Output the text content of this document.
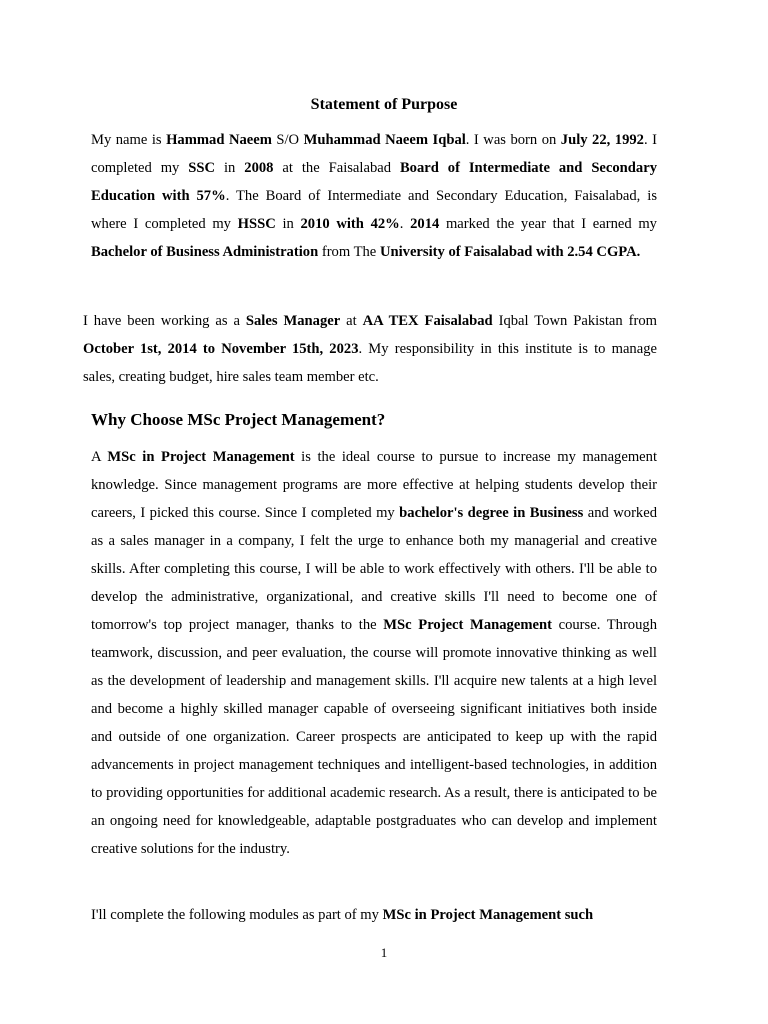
Statement of Purpose

My name is Hammad Naeem S/O Muhammad Naeem Iqbal. I was born on July 22, 1992. I completed my SSC in 2008 at the Faisalabad Board of Intermediate and Secondary Education with 57%. The Board of Intermediate and Secondary Education, Faisalabad, is where I completed my HSSC in 2010 with 42%. 2014 marked the year that I earned my Bachelor of Business Administration from The University of Faisalabad with 2.54 CGPA.

I have been working as a Sales Manager at AA TEX Faisalabad Iqbal Town Pakistan from October 1st, 2014 to November 15th, 2023. My responsibility in this institute is to manage sales, creating budget, hire sales team member etc.

Why Choose MSc Project Management?

A MSc in Project Management is the ideal course to pursue to increase my management knowledge. Since management programs are more effective at helping students develop their careers, I picked this course. Since I completed my bachelor's degree in Business and worked as a sales manager in a company, I felt the urge to enhance both my managerial and creative skills. After completing this course, I will be able to work effectively with others. I'll be able to develop the administrative, organizational, and creative skills I'll need to become one of tomorrow's top project manager, thanks to the MSc Project Management course. Through teamwork, discussion, and peer evaluation, the course will promote innovative thinking as well as the development of leadership and management skills. I'll acquire new talents at a high level and become a highly skilled manager capable of overseeing significant initiatives both inside and outside of one organization. Career prospects are anticipated to keep up with the rapid advancements in project management techniques and intelligent-based technologies, in addition to providing opportunities for additional academic research. As a result, there is anticipated to be an ongoing need for knowledgeable, adaptable postgraduates who can develop and implement creative solutions for the industry.

I'll complete the following modules as part of my MSc in Project Management such

1
